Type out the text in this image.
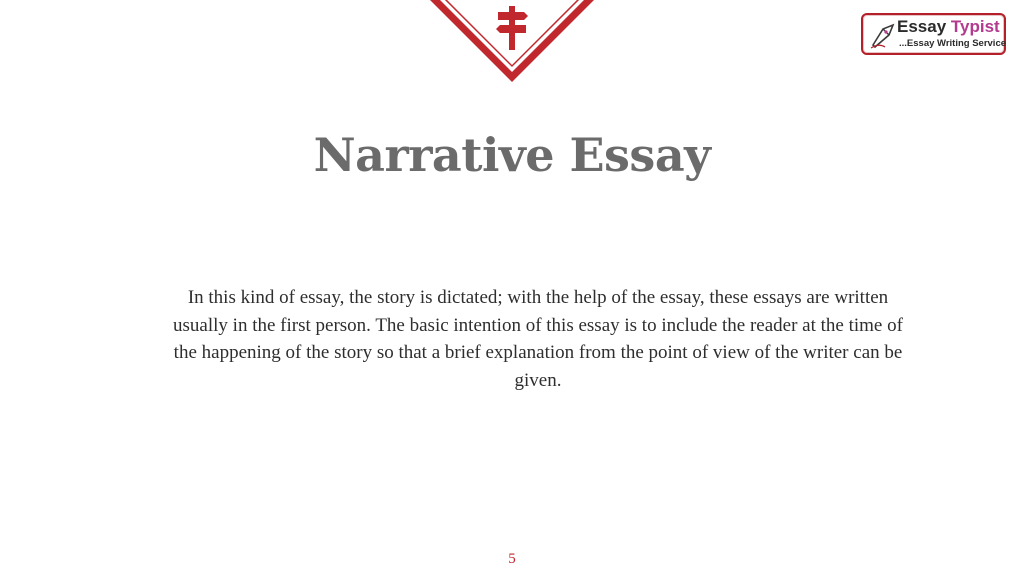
Essay Typist
...Essay Writing Service
Narrative Essay

In this kind of essay, the story is dictated; with the help of the essay, these essays are written usually in the first person. The basic intention of this essay is to include the reader at the time of the happening of the story so that a brief explanation from the point of view of the writer can be given.

5
